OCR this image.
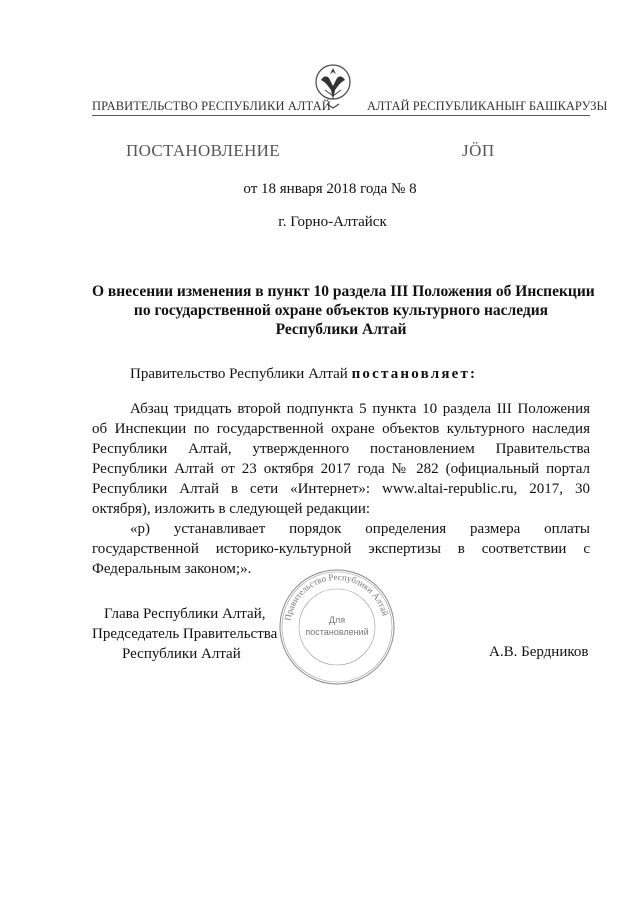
ПРАВИТЕЛЬСТВО РЕСПУБЛИКИ АЛТАЙ	АЛТАЙ РЕСПУБЛИКАНЫҤ БАШКАРУЗЫ
ПОСТАНОВЛЕНИЕ	JӦП
от 18 января 2018 года № 8
г. Горно-Алтайск
О внесении изменения в пункт 10 раздела III Положения об Инспекции
по государственной охране объектов культурного наследия
Республики Алтай
Правительство Республики Алтай постановляет:

Абзац тридцать второй подпункта 5 пункта 10 раздела III Положения об Инспекции по государственной охране объектов культурного наследия Республики Алтай, утвержденного постановлением Правительства Республики Алтай от 23 октября 2017 года № 282 (официальный портал Республики Алтай в сети «Интернет»: www.altai-republic.ru, 2017, 30 октября), изложить в следующей редакции:

«р) устанавливает порядок определения размера оплаты государственной историко-культурной экспертизы в соответствии с Федеральным законом;».

Правительство Республики Алтай
Для
постановлений
Глава Республики Алтай,
Председатель Правительства
Республики Алтай	А.В. Бердников
